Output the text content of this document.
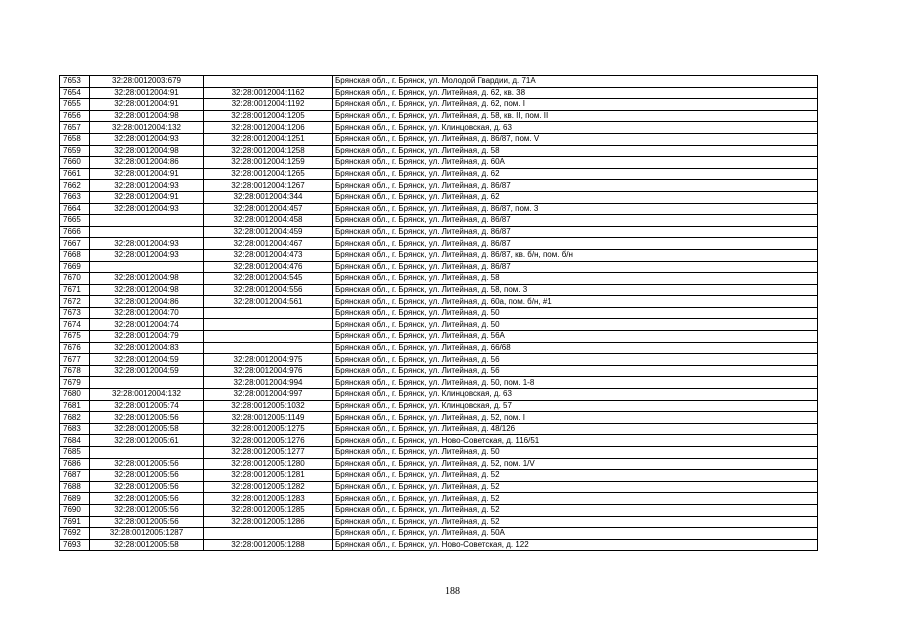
7653	32:28:0012003:679		Брянская обл., г. Брянск, ул. Молодой Гвардии, д. 71А
7654	32:28:0012004:91	32:28:0012004:1162	Брянская обл., г. Брянск, ул. Литейная, д. 62, кв. 38
7655	32:28:0012004:91	32:28:0012004:1192	Брянская обл., г. Брянск, ул. Литейная, д. 62, пом. I
7656	32:28:0012004:98	32:28:0012004:1205	Брянская обл., г. Брянск, ул. Литейная, д. 58, кв. II, пом. II
7657	32:28:0012004:132	32:28:0012004:1206	Брянская обл., г. Брянск, ул. Клинцовская, д. 63
7658	32:28:0012004:93	32:28:0012004:1251	Брянская обл., г. Брянск, ул. Литейная, д. 86/87, пом. V
7659	32:28:0012004:98	32:28:0012004:1258	Брянская обл., г. Брянск, ул. Литейная, д. 58
7660	32:28:0012004:86	32:28:0012004:1259	Брянская обл., г. Брянск, ул. Литейная, д. 60А
7661	32:28:0012004:91	32:28:0012004:1265	Брянская обл., г. Брянск, ул. Литейная, д. 62
7662	32:28:0012004:93	32:28:0012004:1267	Брянская обл., г. Брянск, ул. Литейная, д. 86/87
7663	32:28:0012004:91	32:28:0012004:344	Брянская обл., г. Брянск, ул. Литейная, д. 62
7664	32:28:0012004:93	32:28:0012004:457	Брянская обл., г. Брянск, ул. Литейная, д. 86/87, пом. 3
7665		32:28:0012004:458	Брянская обл., г. Брянск, ул. Литейная, д. 86/87
7666		32:28:0012004:459	Брянская обл., г. Брянск, ул. Литейная, д. 86/87
7667	32:28:0012004:93	32:28:0012004:467	Брянская обл., г. Брянск, ул. Литейная, д. 86/87
7668	32:28:0012004:93	32:28:0012004:473	Брянская обл., г. Брянск, ул. Литейная, д. 86/87, кв. б/н, пом. б/н
7669		32:28:0012004:476	Брянская обл., г. Брянск, ул. Литейная, д. 86/87
7670	32:28:0012004:98	32:28:0012004:545	Брянская обл., г. Брянск, ул. Литейная, д. 58
7671	32:28:0012004:98	32:28:0012004:556	Брянская обл., г. Брянск, ул. Литейная, д. 58, пом. 3
7672	32:28:0012004:86	32:28:0012004:561	Брянская обл., г. Брянск, ул. Литейная, д. 60а, пом. б/н, #1
7673	32:28:0012004:70		Брянская обл., г. Брянск, ул. Литейная, д. 50
7674	32:28:0012004:74		Брянская обл., г. Брянск, ул. Литейная, д. 50
7675	32:28:0012004:79		Брянская обл., г. Брянск, ул. Литейная, д. 56А
7676	32:28:0012004:83		Брянская обл., г. Брянск, ул. Литейная, д. 66/68
7677	32:28:0012004:59	32:28:0012004:975	Брянская обл., г. Брянск, ул. Литейная, д. 56
7678	32:28:0012004:59	32:28:0012004:976	Брянская обл., г. Брянск, ул. Литейная, д. 56
7679		32:28:0012004:994	Брянская обл., г. Брянск, ул. Литейная, д. 50, пом. 1-8
7680	32:28:0012004:132	32:28:0012004:997	Брянская обл., г. Брянск, ул. Клинцовская, д. 63
7681	32:28:0012005:74	32:28:0012005:1032	Брянская обл., г. Брянск, ул. Клинцовская, д. 57
7682	32:28:0012005:56	32:28:0012005:1149	Брянская обл., г. Брянск, ул. Литейная, д. 52, пом. I
7683	32:28:0012005:58	32:28:0012005:1275	Брянская обл., г. Брянск, ул. Литейная, д. 48/126
7684	32:28:0012005:61	32:28:0012005:1276	Брянская обл., г. Брянск, ул. Ново-Советская, д. 116/51
7685		32:28:0012005:1277	Брянская обл., г. Брянск, ул. Литейная, д. 50
7686	32:28:0012005:56	32:28:0012005:1280	Брянская обл., г. Брянск, ул. Литейная, д. 52, пом. 1/V
7687	32:28:0012005:56	32:28:0012005:1281	Брянская обл., г. Брянск, ул. Литейная, д. 52
7688	32:28:0012005:56	32:28:0012005:1282	Брянская обл., г. Брянск, ул. Литейная, д. 52
7689	32:28:0012005:56	32:28:0012005:1283	Брянская обл., г. Брянск, ул. Литейная, д. 52
7690	32:28:0012005:56	32:28:0012005:1285	Брянская обл., г. Брянск, ул. Литейная, д. 52
7691	32:28:0012005:56	32:28:0012005:1286	Брянская обл., г. Брянск, ул. Литейная, д. 52
7692	32:28:0012005:1287		Брянская обл., г. Брянск, ул. Литейная, д. 50А
7693	32:28:0012005:58	32:28:0012005:1288	Брянская обл., г. Брянск, ул. Ново-Советская, д. 122
188
